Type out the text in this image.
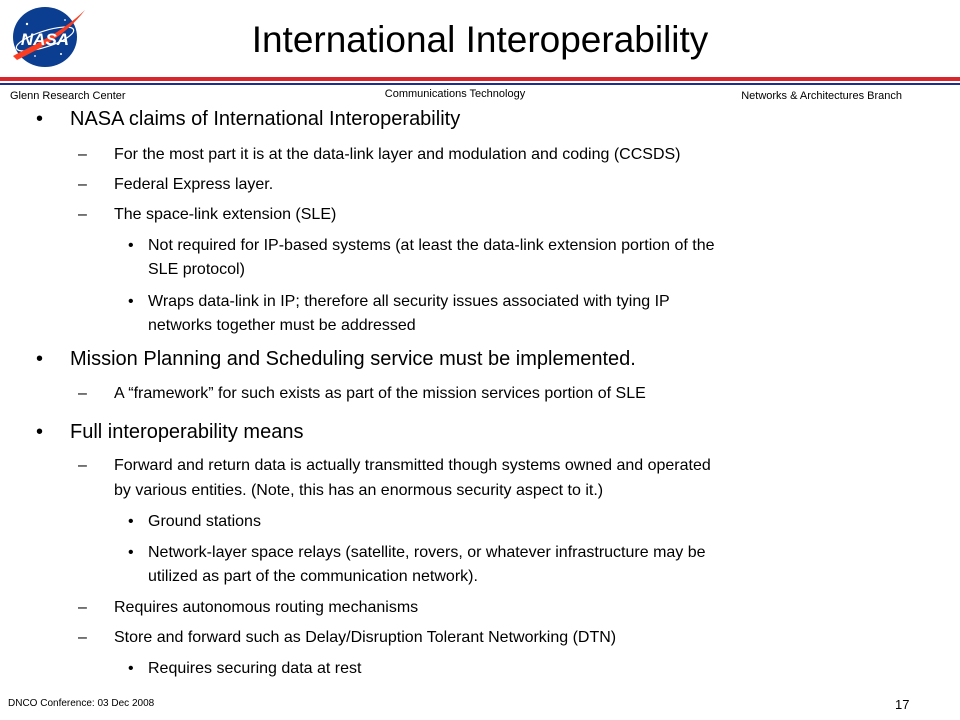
NASA	International Interoperability
Glenn Research Center	Communications Technology	Networks & Architectures Branch
• NASA claims of International Interoperability
– For the most part it is at the data-link layer and modulation and coding (CCSDS)
– Federal Express layer.
– The space-link extension (SLE)
• Not required for IP-based systems (at least the data-link extension portion of the
SLE protocol)
• Wraps data-link in IP; therefore all security issues associated with tying IP
networks together must be addressed
• Mission Planning and Scheduling service must be implemented.
– A “framework” for such exists as part of the mission services portion of SLE
• Full interoperability means
– Forward and return data is actually transmitted though systems owned and operated
by various entities. (Note, this has an enormous security aspect to it.)
• Ground stations
• Network-layer space relays (satellite, rovers, or whatever infrastructure may be
utilized as part of the communication network).
– Requires autonomous routing mechanisms
– Store and forward such as Delay/Disruption Tolerant Networking (DTN)
• Requires securing data at rest
DNCO Conference: 03 Dec 2008	17
